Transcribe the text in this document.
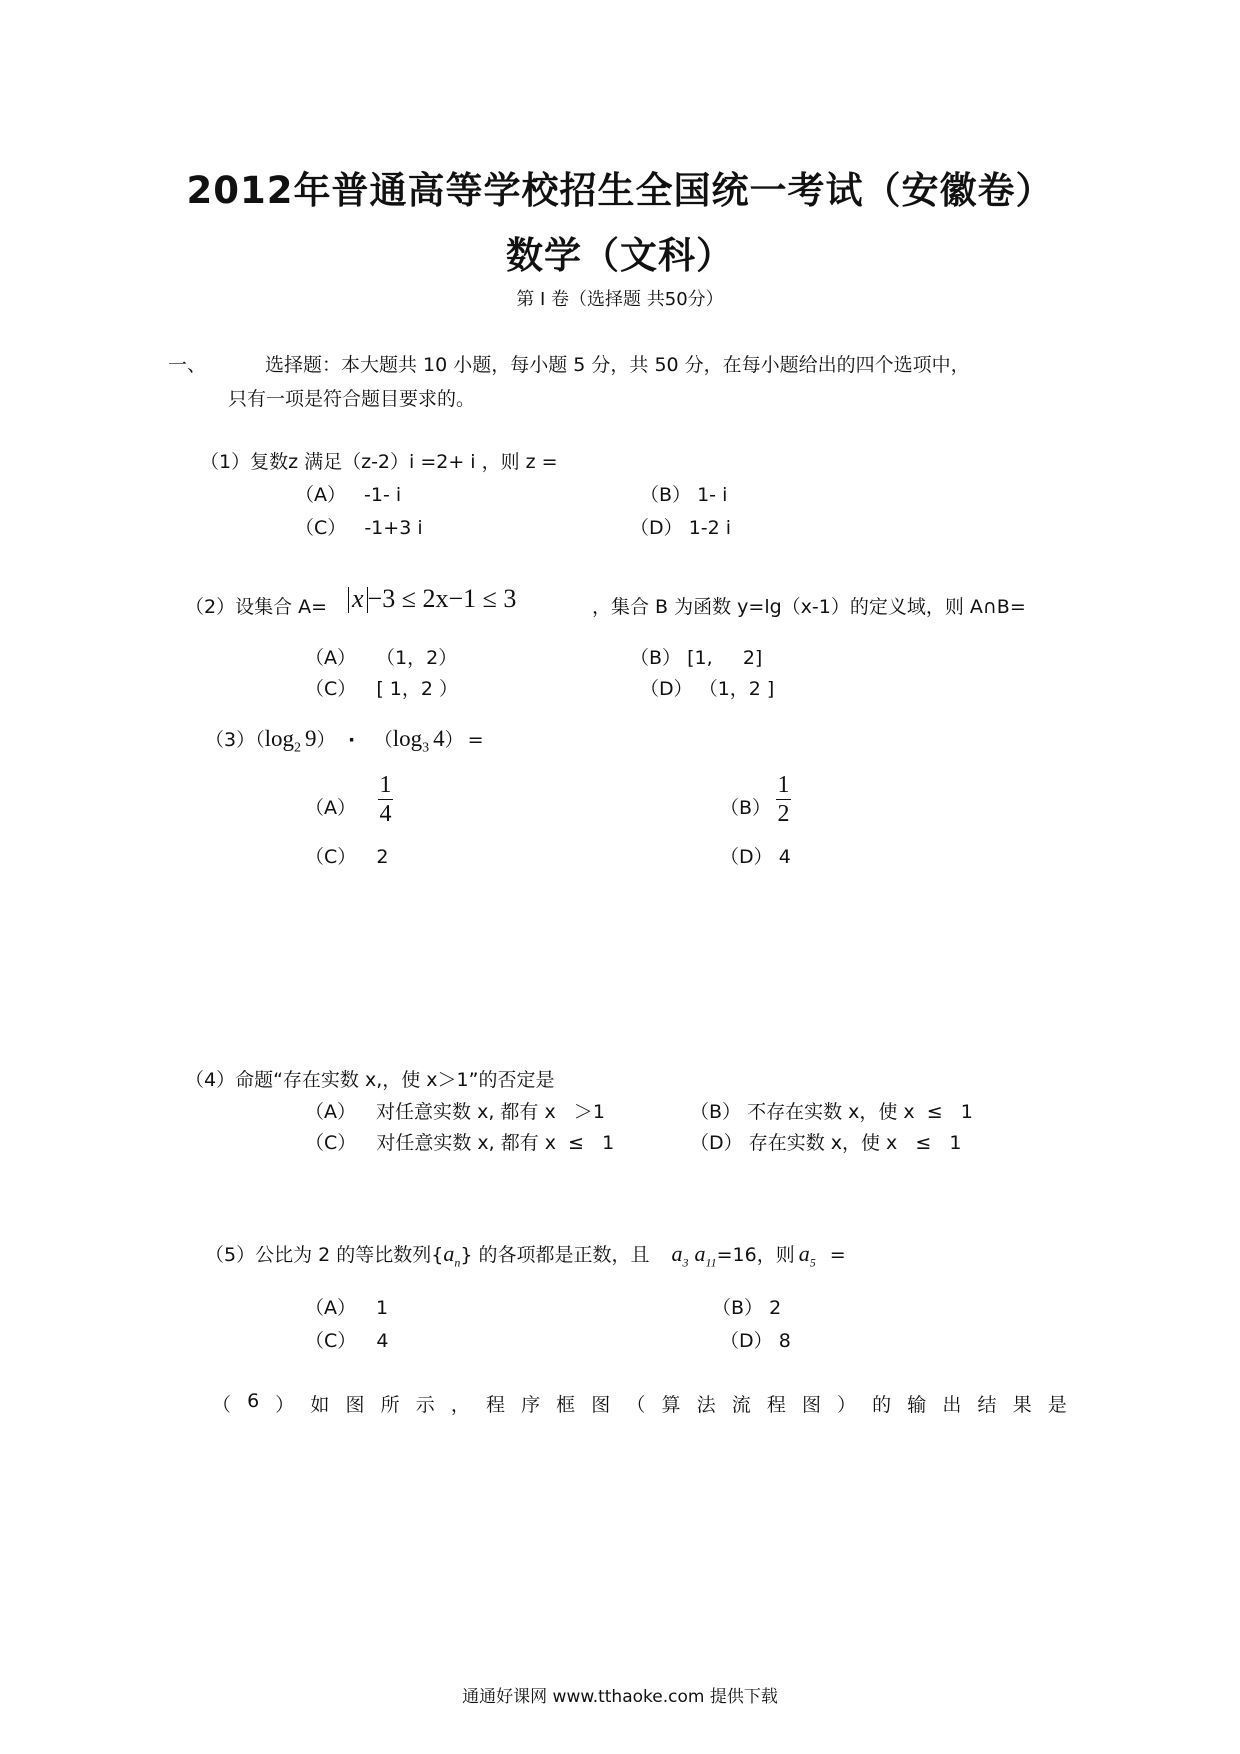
2012年普通高等学校招生全国统一考试（安徽卷）
数学（文科）
第 I 卷（选择题 共50分）
一、	选择题：本大题共 10 小题，每小题 5 分，共 50 分，在每小题给出的四个选项中，
只有一项是符合题目要求的。
（1）复数z 满足（z-2）i =2+ i ，则 z =
（A） -1- i	（B） 1- i
（C） -1+3 i	（D） 1-2 i
（2）设集合 A= x −3 ≤ 2x−1 ≤ 3	，集合 B 为函数 y=lg（x-1）的定义域，则 A∩B=
（A） （1，2）	（B） [1,     2]
（C） [ 1，2 ）	（D） （1，2 ]
$(3)(\log_2$ $9) \cdot (\log_3$ 4） =
（A）
1
4	（B）
1
2
（C） 2	（D） 4
（4）命题“存在实数 x,，使 x＞1”的否定是
（A） 对任意实数 x, 都有 x   ＞1	（B） 不存在实数 x，使 x  ≤   1
（C） 对任意实数 x, 都有 x  ≤   1	（D） 存在实数 x，使 x   ≤   1
（5）公比为 2 的等比数列$\{a_n\}$ 的各项都是正数，且 $a_3$ $a_{11}=16$，则 $a_5$ =
（A） 1	（B） 2
（C） 4	（D） 8
（ 6 ） 如 图 所 示 ， 程 序 框 图 （ 算 法 流 程 图 ） 的 输 出 结 果 是
通通好课网 www.tthaoke.com 提供下载
